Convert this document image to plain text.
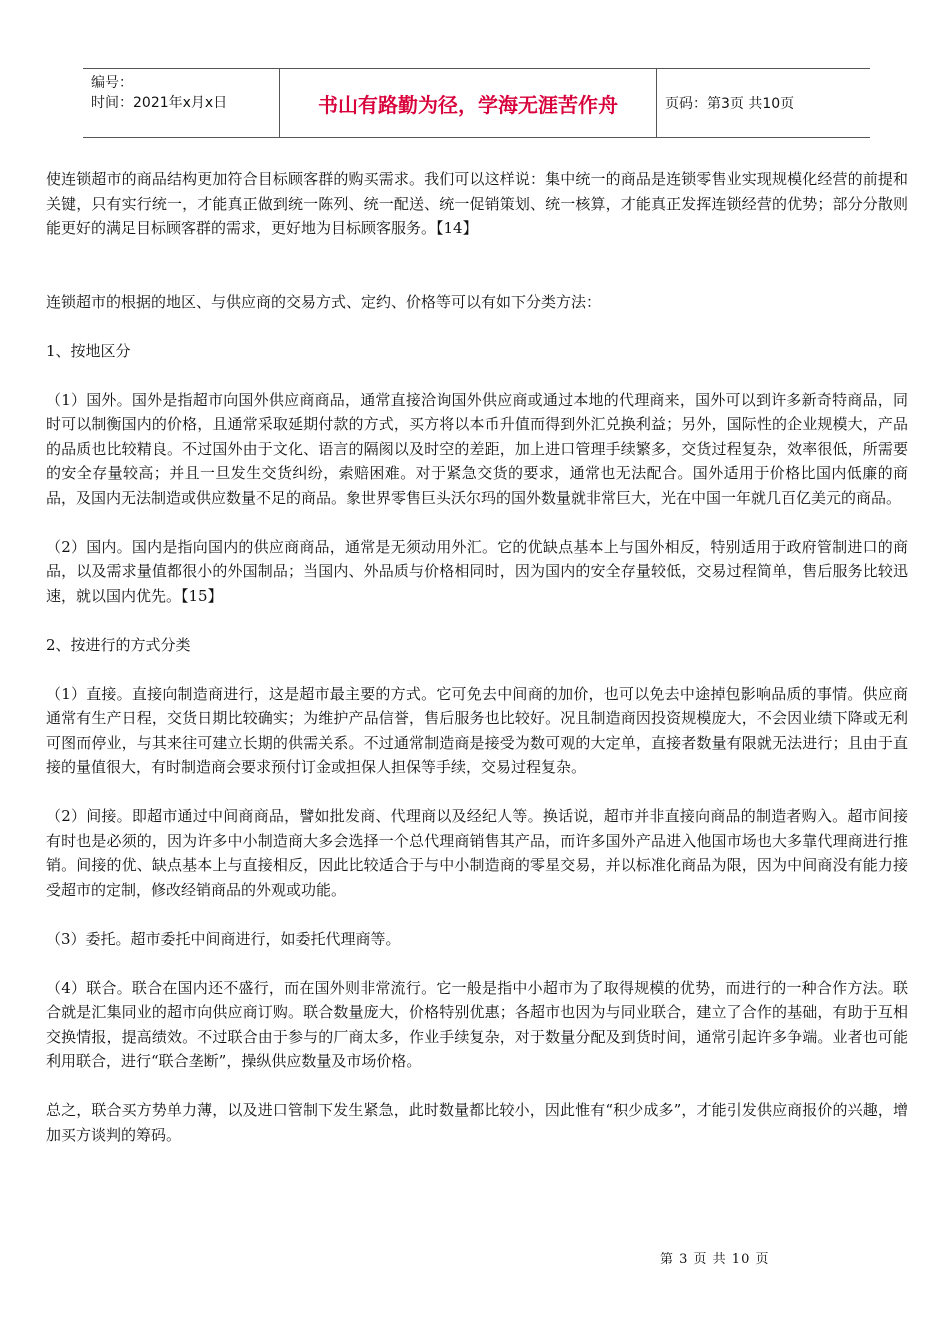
编号：
时间：2021年x月x日	书山有路勤为径，学海无涯苦作舟	页码：第3页 共10页

使连锁超市的商品结构更加符合目标顾客群的购买需求。我们可以这样说：集中统一的商品是连锁零售业实现规模化经营的前提和关键，只有实行统一，才能真正做到统一陈列、统一配送、统一促销策划、统一核算，才能真正发挥连锁经营的优势；部分分散则能更好的满足目标顾客群的需求，更好地为目标顾客服务。【14】

连锁超市的根据的地区、与供应商的交易方式、定约、价格等可以有如下分类方法：

1、按地区分

（1）国外。国外是指超市向国外供应商商品，通常直接洽询国外供应商或通过本地的代理商来，国外可以到许多新奇特商品，同时可以制衡国内的价格，且通常采取延期付款的方式，买方将以本币升值而得到外汇兑换利益；另外，国际性的企业规模大，产品的品质也比较精良。不过国外由于文化、语言的隔阂以及时空的差距，加上进口管理手续繁多，交货过程复杂，效率很低，所需要的安全存量较高；并且一旦发生交货纠纷，索赔困难。对于紧急交货的要求，通常也无法配合。国外适用于价格比国内低廉的商品，及国内无法制造或供应数量不足的商品。象世界零售巨头沃尔玛的国外数量就非常巨大，光在中国一年就几百亿美元的商品。

（2）国内。国内是指向国内的供应商商品，通常是无须动用外汇。它的优缺点基本上与国外相反，特别适用于政府管制进口的商品，以及需求量值都很小的外国制品；当国内、外品质与价格相同时，因为国内的安全存量较低，交易过程简单，售后服务比较迅速，就以国内优先。【15】

2、按进行的方式分类

（1）直接。直接向制造商进行，这是超市最主要的方式。它可免去中间商的加价，也可以免去中途掉包影响品质的事情。供应商通常有生产日程，交货日期比较确实；为维护产品信誉，售后服务也比较好。况且制造商因投资规模庞大，不会因业绩下降或无利可图而停业，与其来往可建立长期的供需关系。不过通常制造商是接受为数可观的大定单，直接者数量有限就无法进行；且由于直接的量值很大，有时制造商会要求预付订金或担保人担保等手续，交易过程复杂。

（2）间接。即超市通过中间商商品，譬如批发商、代理商以及经纪人等。换话说，超市并非直接向商品的制造者购入。超市间接有时也是必须的，因为许多中小制造商大多会选择一个总代理商销售其产品，而许多国外产品进入他国市场也大多靠代理商进行推销。间接的优、缺点基本上与直接相反，因此比较适合于与中小制造商的零星交易，并以标准化商品为限，因为中间商没有能力接受超市的定制，修改经销商品的外观或功能。

（3）委托。超市委托中间商进行，如委托代理商等。

（4）联合。联合在国内还不盛行，而在国外则非常流行。它一般是指中小超市为了取得规模的优势，而进行的一种合作方法。联合就是汇集同业的超市向供应商订购。联合数量庞大，价格特别优惠；各超市也因为与同业联合，建立了合作的基础，有助于互相交换情报，提高绩效。不过联合由于参与的厂商太多，作业手续复杂，对于数量分配及到货时间，通常引起许多争端。业者也可能利用联合，进行“联合垄断”，操纵供应数量及市场价格。

总之，联合买方势单力薄，以及进口管制下发生紧急，此时数量都比较小，因此惟有“积少成多”，才能引发供应商报价的兴趣，增加买方谈判的筹码。

第 3 页 共 10 页
